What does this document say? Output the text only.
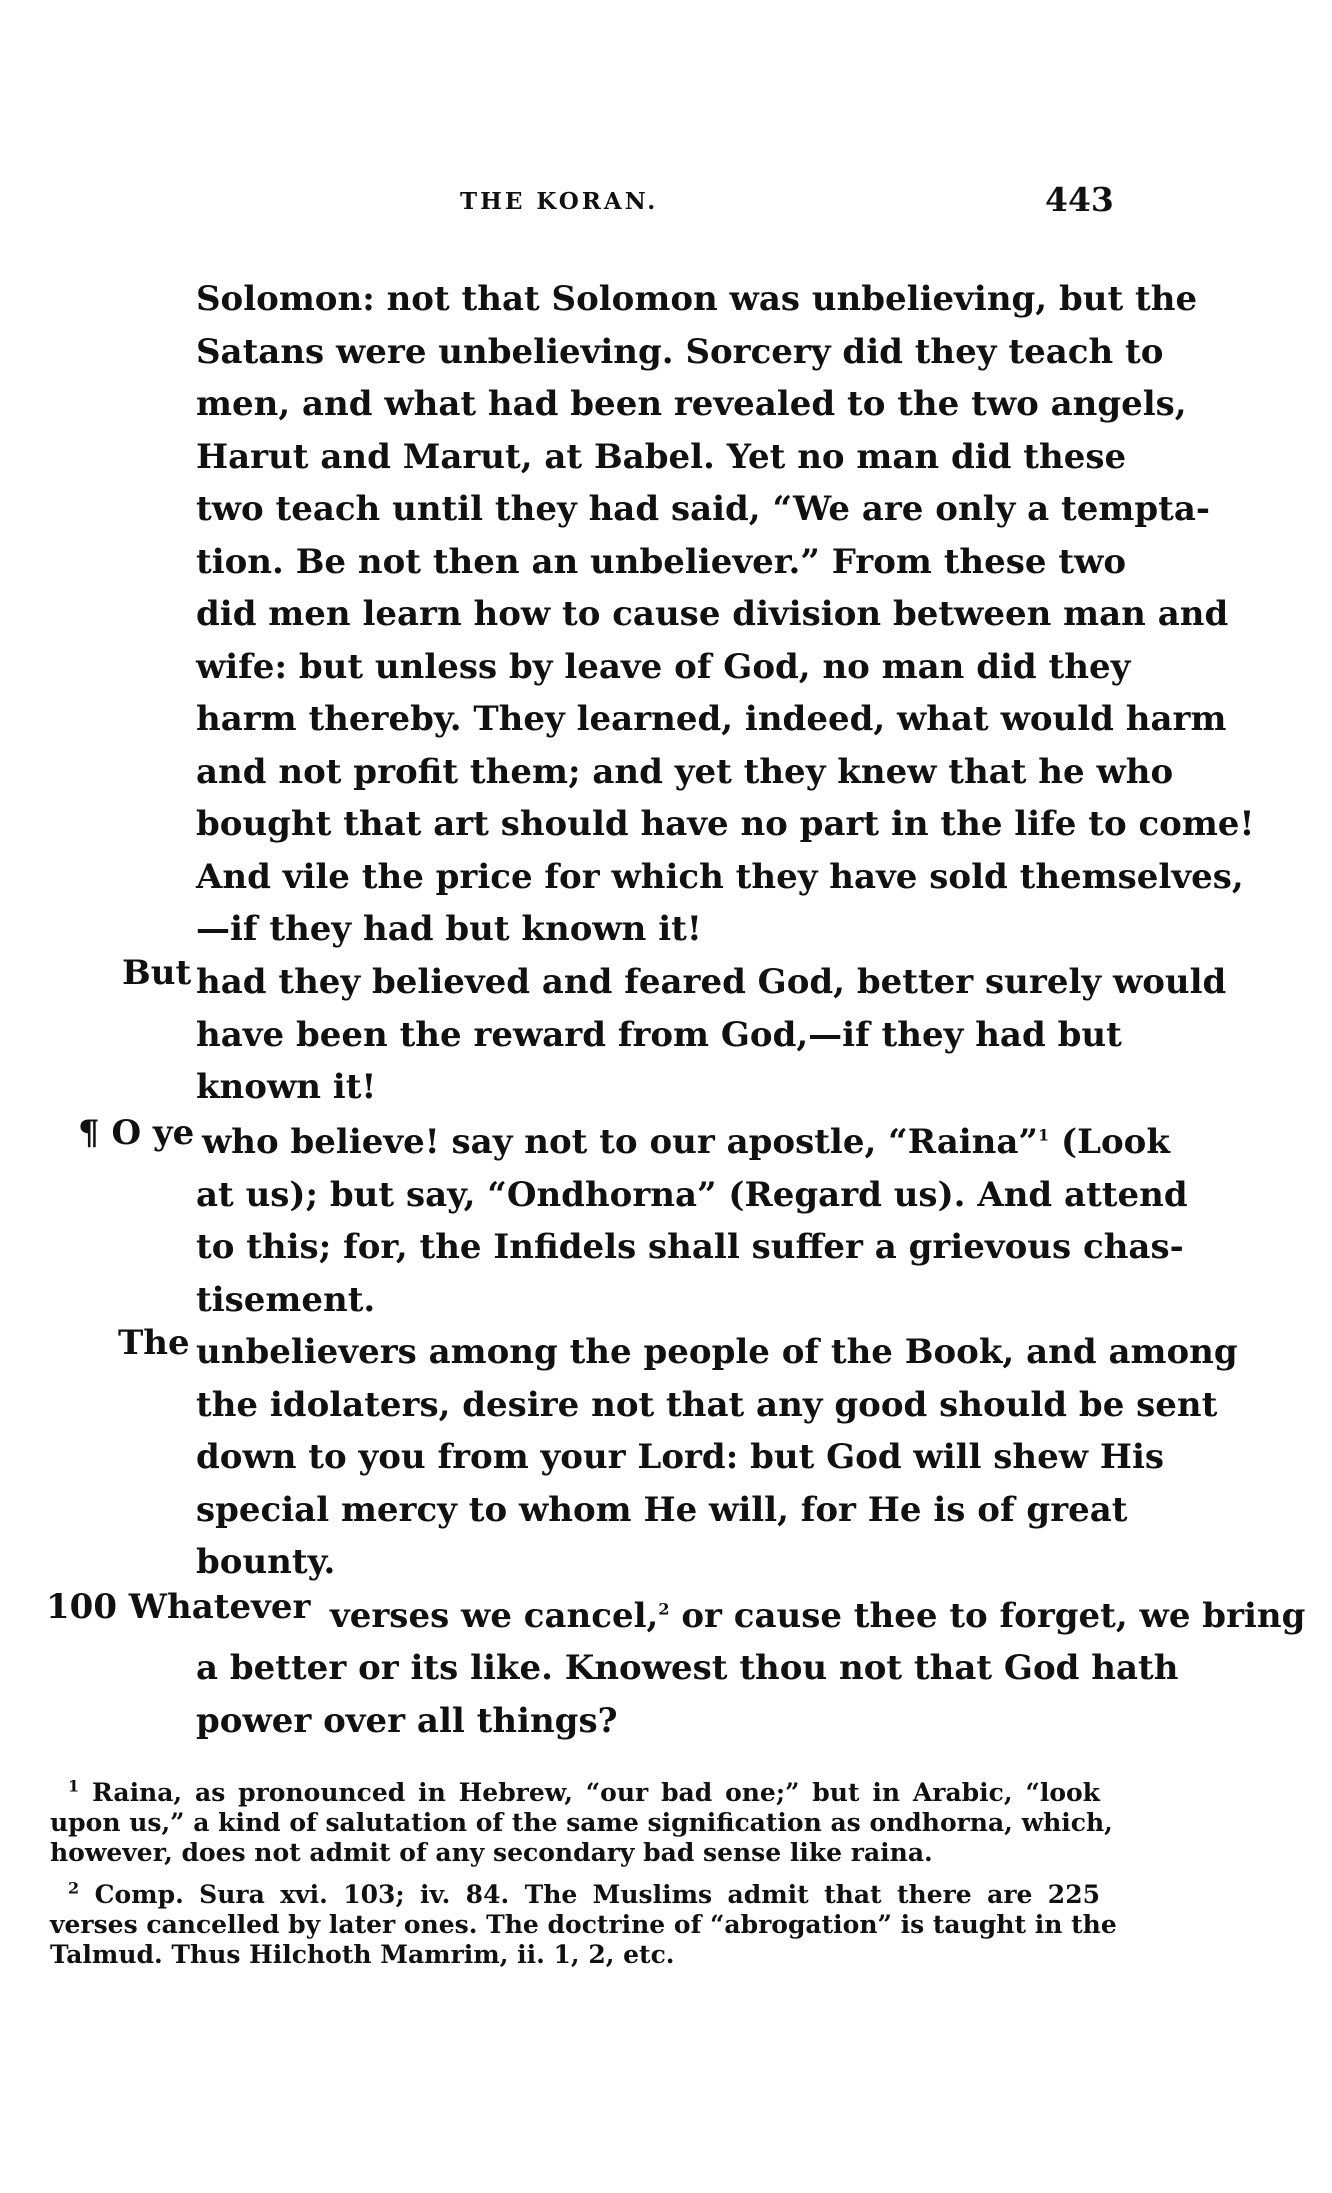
THE KORAN.	443
Solomon: not that Solomon was unbelieving, but the
Satans were unbelieving. Sorcery did they teach to
men, and what had been revealed to the two angels,
Harut and Marut, at Babel. Yet no man did these
two teach until they had said, “We are only a tempta-
tion. Be not then an unbeliever.” From these two
did men learn how to cause division between man and
wife: but unless by leave of God, no man did they
harm thereby. They learned, indeed, what would harm
and not profit them; and yet they knew that he who
bought that art should have no part in the life to come!
And vile the price for which they have sold themselves,
—if they had but known it!
But had they believed and feared God, better surely would
have been the reward from God,—if they had but
known it!
¶ O ye who believe! say not to our apostle, “Raina”$^1$ (Look
at us); but say, “Ondhorna” (Regard us). And attend
to this; for, the Infidels shall suffer a grievous chas-
tisement.
The unbelievers among the people of the Book, and among
the idolaters, desire not that any good should be sent
down to you from your Lord: but God will shew His
special mercy to whom He will, for He is of great
bounty.
100 Whatever verses we cancel,$^2$ or cause thee to forget, we bring
a better or its like. Knowest thou not that God hath
power over all things?
$^1$ Raina, as pronounced in Hebrew, “our bad one;” but in Arabic, “look
upon us,” a kind of salutation of the same signification as ondhorna, which,
however, does not admit of any secondary bad sense like raina.
$^2$ Comp. Sura xvi. 103; iv. 84. The Muslims admit that there are 225
verses cancelled by later ones. The doctrine of “abrogation” is taught in the
Talmud. Thus Hilchoth Mamrim, ii. 1, 2, etc.
